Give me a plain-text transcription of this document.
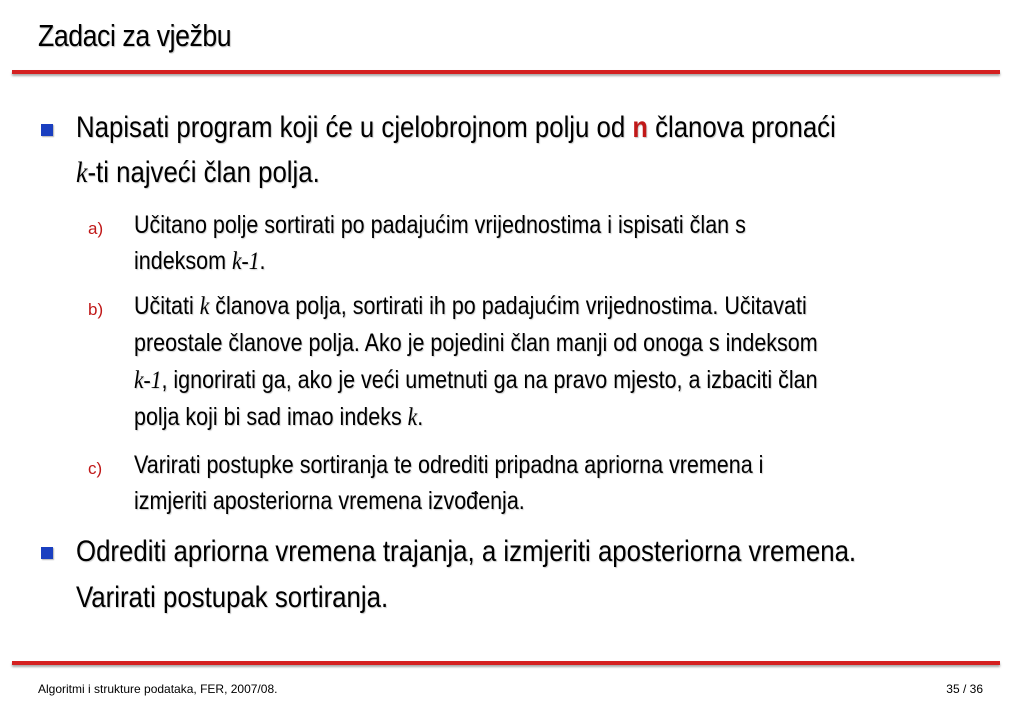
Zadaci za vježbu
Napisati program koji će u cjelobrojnom polju od n članova pronaći
k-ti najveći član polja.
a) Učitano polje sortirati po padajućim vrijednostima i ispisati član s
indeksom k-1.
b) Učitati k članova polja, sortirati ih po padajućim vrijednostima. Učitavati
preostale članove polja. Ako je pojedini član manji od onoga s indeksom
k-1, ignorirati ga, ako je veći umetnuti ga na pravo mjesto, a izbaciti član
polja koji bi sad imao indeks k.
c) Varirati postupke sortiranja te odrediti pripadna apriorna vremena i
izmjeriti aposteriorna vremena izvođenja.
Odrediti apriorna vremena trajanja, a izmjeriti aposteriorna vremena.
Varirati postupak sortiranja.
Algoritmi i strukture podataka, FER, 2007/08.	35 / 36
